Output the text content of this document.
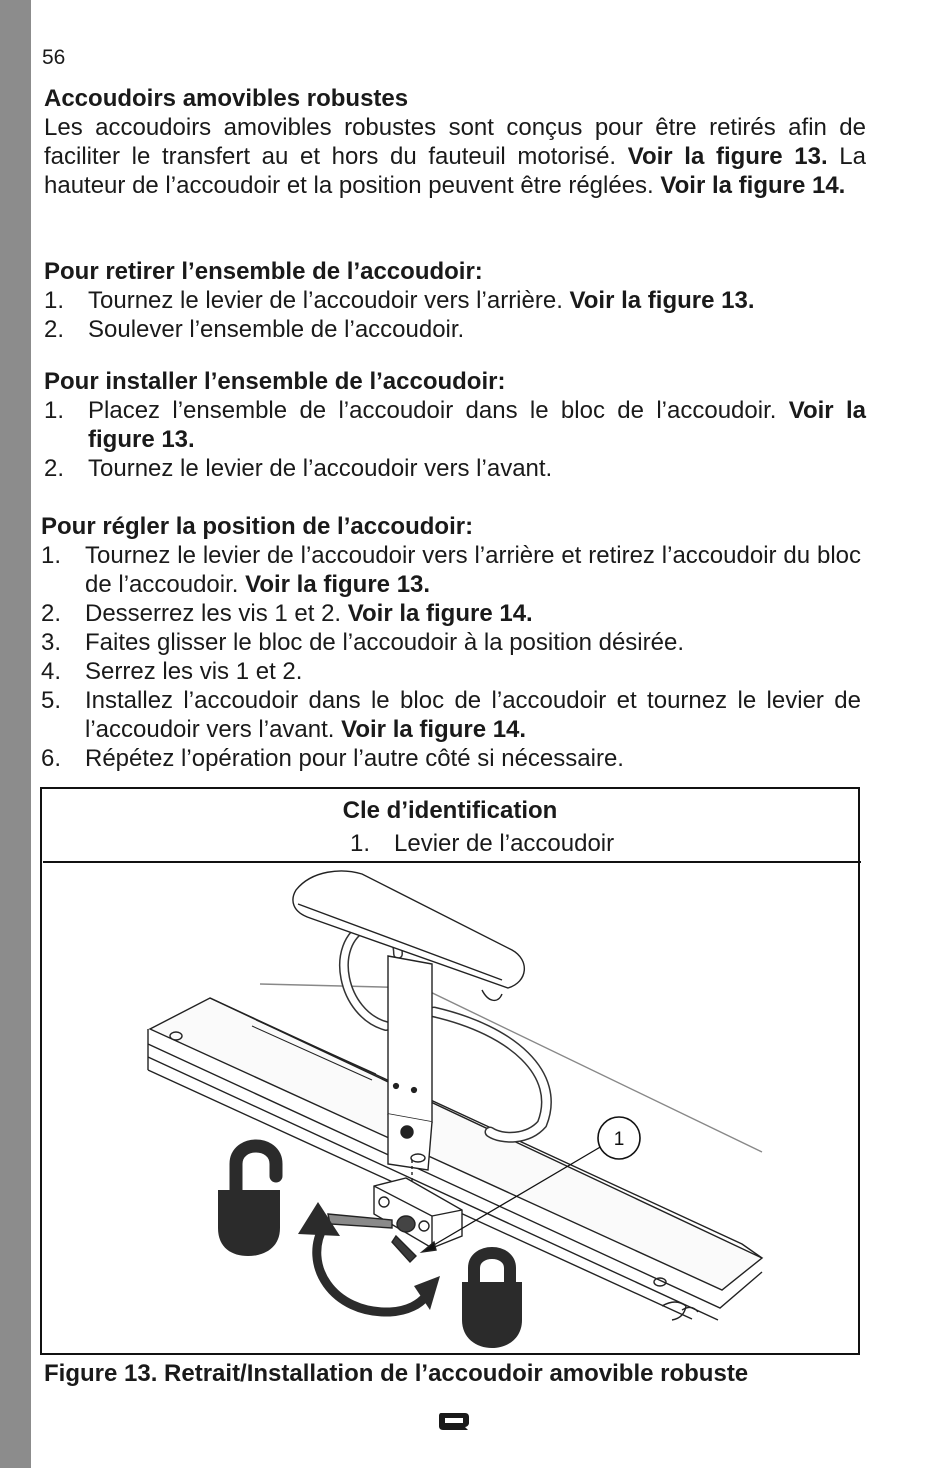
56
Accoudoirs amovibles robustes
Les accoudoirs amovibles robustes sont conçus pour être retirés afin de faciliter le transfert au et hors du fauteuil motorisé. Voir la figure 13. La hauteur de l’accoudoir et la position peuvent être réglées. Voir la figure 14.
Pour retirer l’ensemble de l’accoudoir:
1. Tournez le levier de l’accoudoir vers l’arrière. Voir la figure 13.
2. Soulever l’ensemble de l’accoudoir.
Pour installer l’ensemble de l’accoudoir:
1. Placez l’ensemble de l’accoudoir dans le bloc de l’accoudoir. Voir la figure 13.
2. Tournez le levier de l’accoudoir vers l’avant.
Pour régler la position de l’accoudoir:
1. Tournez le levier de l’accoudoir vers l’arrière et retirez l’accoudoir du bloc de l’accoudoir. Voir la figure 13.
2. Desserrez les vis 1 et 2. Voir la figure 14.
3. Faites glisser le bloc de l’accoudoir à la position désirée.
4. Serrez les vis 1 et 2.
5. Installez l’accoudoir dans le bloc de l’accoudoir et tournez le levier de l’accoudoir vers l’avant. Voir la figure 14.
6. Répétez l’opération pour l’autre côté si nécessaire.
Cle d’identification
1. Levier de l’accoudoir
1
Figure 13. Retrait/Installation de l’accoudoir amovible robuste
